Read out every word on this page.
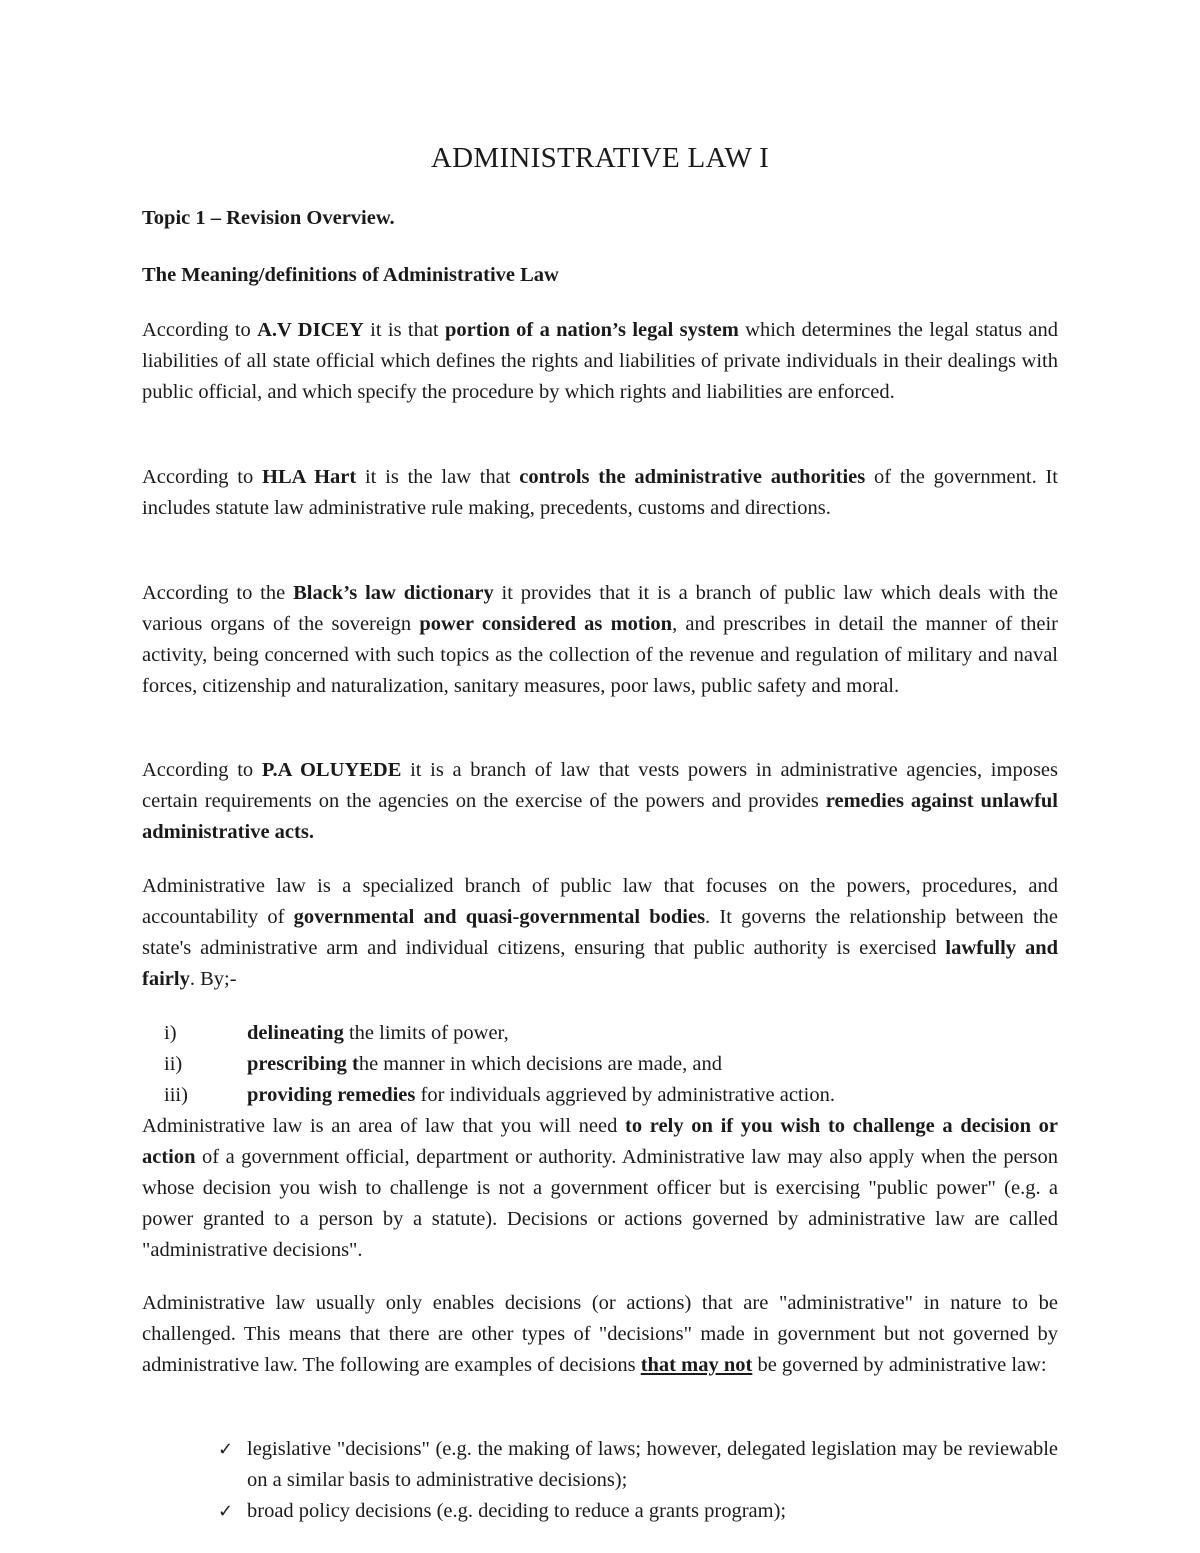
ADMINISTRATIVE LAW I

Topic 1 – Revision Overview.

The Meaning/definitions of Administrative Law

According to A.V DICEY it is that portion of a nation’s legal system which determines the legal status and liabilities of all state official which defines the rights and liabilities of private individuals in their dealings with public official, and which specify the procedure by which rights and liabilities are enforced.

According to HLA Hart it is the law that controls the administrative authorities of the government. It includes statute law administrative rule making, precedents, customs and directions.

According to the Black’s law dictionary it provides that it is a branch of public law which deals with the various organs of the sovereign power considered as motion, and prescribes in detail the manner of their activity, being concerned with such topics as the collection of the revenue and regulation of military and naval forces, citizenship and naturalization, sanitary measures, poor laws, public safety and moral.

According to P.A OLUYEDE it is a branch of law that vests powers in administrative agencies, imposes certain requirements on the agencies on the exercise of the powers and provides remedies against unlawful administrative acts.

Administrative law is a specialized branch of public law that focuses on the powers, procedures, and accountability of governmental and quasi-governmental bodies. It governs the relationship between the state's administrative arm and individual citizens, ensuring that public authority is exercised lawfully and fairly. By;-

i)	delineating the limits of power,
ii)	prescribing the manner in which decisions are made, and
iii)	providing remedies for individuals aggrieved by administrative action.

Administrative law is an area of law that you will need to rely on if you wish to challenge a decision or action of a government official, department or authority. Administrative law may also apply when the person whose decision you wish to challenge is not a government officer but is exercising "public power" (e.g. a power granted to a person by a statute). Decisions or actions governed by administrative law are called "administrative decisions".

Administrative law usually only enables decisions (or actions) that are "administrative" in nature to be challenged. This means that there are other types of "decisions" made in government but not governed by administrative law. The following are examples of decisions that may not be governed by administrative law:

✓ legislative "decisions" (e.g. the making of laws; however, delegated legislation may be reviewable on a similar basis to administrative decisions);
✓ broad policy decisions (e.g. deciding to reduce a grants program);
